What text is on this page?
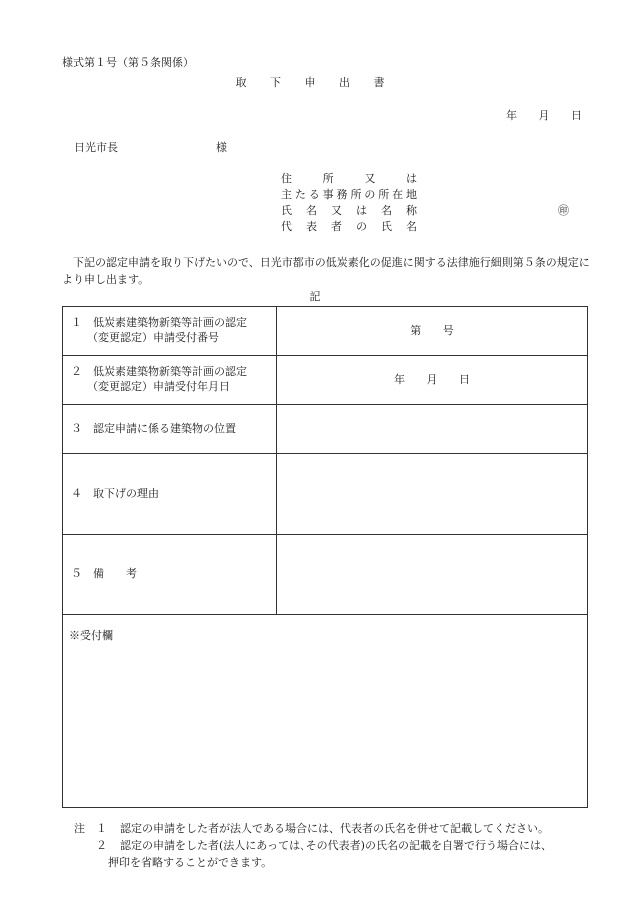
様式第１号（第５条関係）
取 下 申 出 書
年 月 日
日光市長	様
住所又は
主たる事務所の所在地
氏名又は名称	㊞
代表者の氏名
下記の認定申請を取り下げたいので、日光市都市の低炭素化の促進に関する法律施行細則第５条の規定により申し出ます。
記
１ 低炭素建築物新築等計画の認定
（変更認定）申請受付番号	第 号

２ 低炭素建築物新築等計画の認定
（変更認定）申請受付年月日	年 月 日
３ 認定申請に係る建築物の位置	
４ 取下げの理由	
５ 備　　考	
※受付欄	
注 １ 認定の申請をした者が法人である場合には、代表者の氏名を併せて記載してください。
２ 認定の申請をした者(法人にあっては､その代表者)の氏名の記載を自署で行う場合には、
押印を省略することができます。
